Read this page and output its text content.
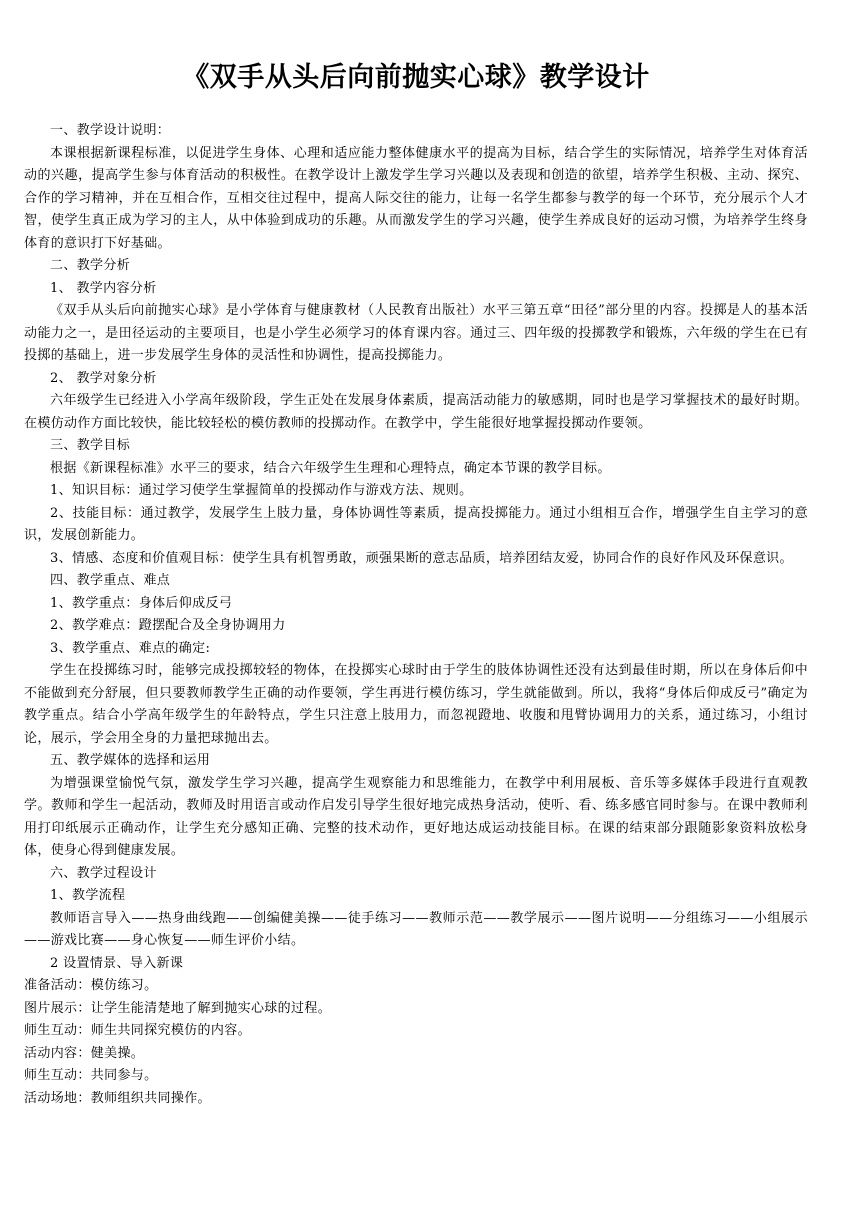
《双手从头后向前抛实心球》教学设计

一、教学设计说明：

本课根据新课程标准，以促进学生身体、心理和适应能力整体健康水平的提高为目标，结合学生的实际情况，培养学生对体育活动的兴趣，提高学生参与体育活动的积极性。在教学设计上激发学生学习兴趣以及表现和创造的欲望，培养学生积极、主动、探究、合作的学习精神，并在互相合作，互相交往过程中，提高人际交往的能力，让每一名学生都参与教学的每一个环节，充分展示个人才智，使学生真正成为学习的主人，从中体验到成功的乐趣。从而激发学生的学习兴趣，使学生养成良好的运动习惯，为培养学生终身体育的意识打下好基础。

二、教学分析

1、 教学内容分析

《双手从头后向前抛实心球》是小学体育与健康教材（人民教育出版社）水平三第五章“田径”部分里的内容。投掷是人的基本活动能力之一，是田径运动的主要项目，也是小学生必须学习的体育课内容。通过三、四年级的投掷教学和锻炼，六年级的学生在已有投掷的基础上，进一步发展学生身体的灵活性和协调性，提高投掷能力。

2、 教学对象分析

六年级学生已经进入小学高年级阶段，学生正处在发展身体素质，提高活动能力的敏感期，同时也是学习掌握技术的最好时期。在模仿动作方面比较快，能比较轻松的模仿教师的投掷动作。在教学中，学生能很好地掌握投掷动作要领。

三、教学目标

根据《新课程标准》水平三的要求，结合六年级学生生理和心理特点，确定本节课的教学目标。

1、知识目标：通过学习使学生掌握简单的投掷动作与游戏方法、规则。

2、技能目标：通过教学，发展学生上肢力量，身体协调性等素质，提高投掷能力。通过小组相互合作，增强学生自主学习的意识，发展创新能力。

3、情感、态度和价值观目标：使学生具有机智勇敢，顽强果断的意志品质，培养团结友爱，协同合作的良好作风及环保意识。

四、教学重点、难点

1、教学重点：身体后仰成反弓

2、教学难点：蹬摆配合及全身协调用力

3、教学重点、难点的确定:

学生在投掷练习时，能够完成投掷较轻的物体，在投掷实心球时由于学生的肢体协调性还没有达到最佳时期，所以在身体后仰中不能做到充分舒展，但只要教师教学生正确的动作要领，学生再进行模仿练习，学生就能做到。所以，我将“身体后仰成反弓”确定为教学重点。结合小学高年级学生的年龄特点，学生只注意上肢用力，而忽视蹬地、收腹和甩臂协调用力的关系，通过练习，小组讨论，展示，学会用全身的力量把球抛出去。

五、教学媒体的选择和运用

为增强课堂愉悦气氛，激发学生学习兴趣，提高学生观察能力和思维能力，在教学中利用展板、音乐等多媒体手段进行直观教学。教师和学生一起活动，教师及时用语言或动作启发引导学生很好地完成热身活动，使听、看、练多感官同时参与。在课中教师利用打印纸展示正确动作，让学生充分感知正确、完整的技术动作，更好地达成运动技能目标。在课的结束部分跟随影象资料放松身体，使身心得到健康发展。

六、教学过程设计

1、教学流程

教师语言导入——热身曲线跑——创编健美操——徒手练习——教师示范——教学展示——图片说明——分组练习——小组展示——游戏比赛——身心恢复——师生评价小结。

2 设置情景、导入新课

准备活动：模仿练习。

图片展示：让学生能清楚地了解到抛实心球的过程。

师生互动：师生共同探究模仿的内容。

活动内容：健美操。

师生互动：共同参与。

活动场地：教师组织共同操作。
